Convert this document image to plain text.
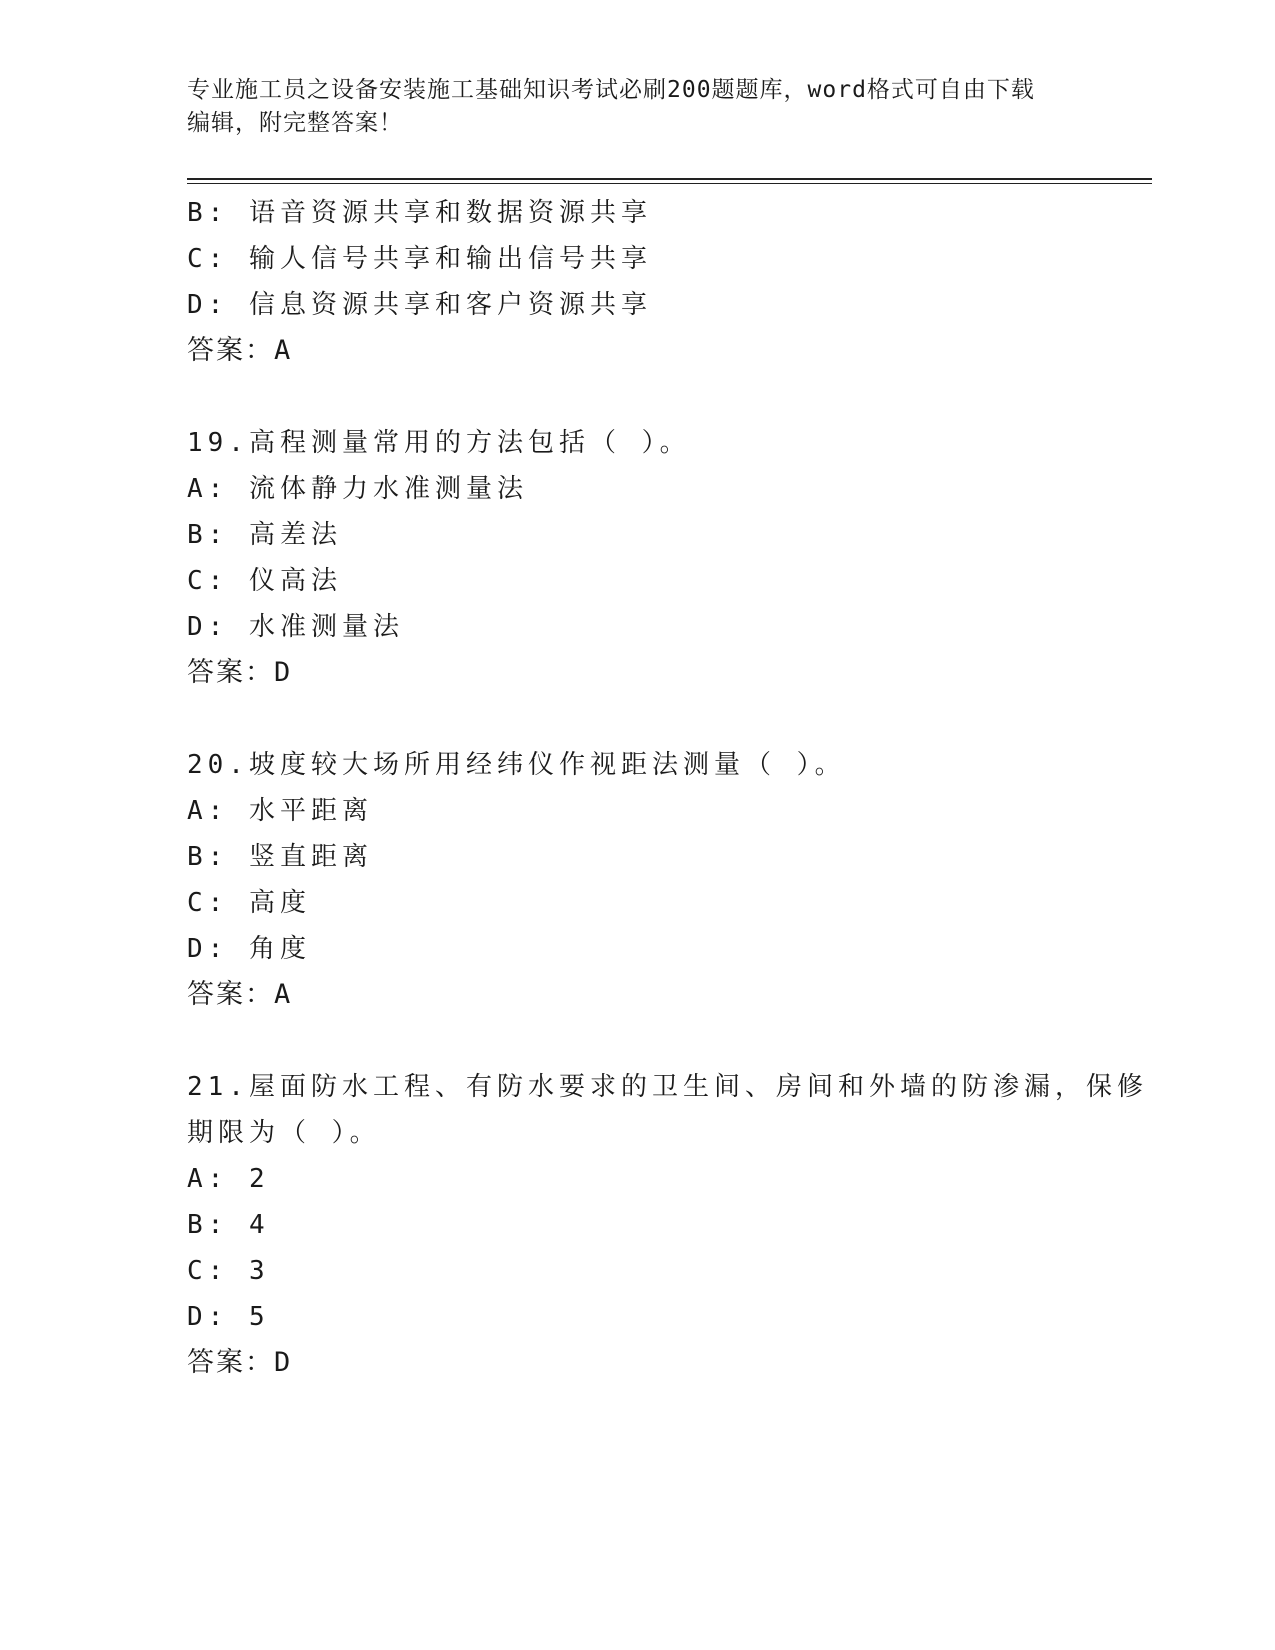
专业施工员之设备安装施工基础知识考试必刷200题题库，word格式可自由下载
编辑，附完整答案！
B: 语音资源共享和数据资源共享
C: 输人信号共享和输出信号共享
D: 信息资源共享和客户资源共享
答案：A
19.高程测量常用的方法包括（ ）。
A: 流体静力水准测量法
B: 高差法
C: 仪高法
D: 水准测量法
答案：D
20.坡度较大场所用经纬仪作视距法测量（ ）。
A: 水平距离
B: 竖直距离
C: 高度
D: 角度
答案：A
21.屋面防水工程、有防水要求的卫生间、房间和外墙的防渗漏，保修
期限为（ ）。
A: 2
B: 4
C: 3
D: 5
答案：D
